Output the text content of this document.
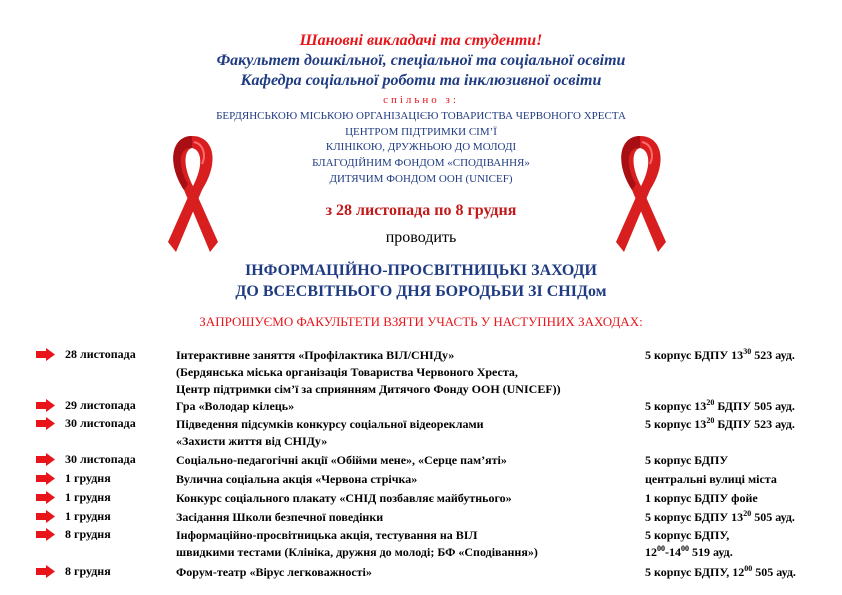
Шановні викладачі та студенти!
Факультет дошкільної, спеціальної та соціальної освіти
Кафедра соціальної роботи та інклюзивної освіти
спільно з:
БЕРДЯНСЬКОЮ МІСЬКОЮ ОРГАНІЗАЦІЄЮ ТОВАРИСТВА ЧЕРВОНОГО ХРЕСТА
ЦЕНТРОМ ПІДТРИМКИ СІМ’Ї
КЛІНІКОЮ, ДРУЖНЬОЮ ДО МОЛОДІ
БЛАГОДІЙНИМ ФОНДОМ «СПОДІВАННЯ»
ДИТЯЧИМ ФОНДОМ ООН (UNICEF)
з 28 листопада по 8 грудня
проводить
ІНФОРМАЦІЙНО-ПРОСВІТНИЦЬКІ ЗАХОДИ
ДО ВСЕСВІТНЬОГО ДНЯ БОРОДЬБИ ЗІ СНІДом
ЗАПРОШУЄМО ФАКУЛЬТЕТИ ВЗЯТИ УЧАСТЬ У НАСТУПНИХ ЗАХОДАХ:
28 листопада	Інтерактивне заняття «Профілактика ВІЛ/СНІДу»
(Бердянська міська організація Товариства Червоного Хреста,
Центр підтримки сім’ї за сприянням Дитячого Фонду ООН (UNICEF))
5 корпус БДПУ $13^{30}$ 523 ауд.
29 листопада	Гра «Володар кілець»	5 корпус $13^{20}$ БДПУ 505 ауд.
30 листопада	Підведення підсумків конкурсу соціальної відеореклами
«Захисти життя від СНІДу»
5 корпус $13^{20}$ БДПУ 523 ауд.
30 листопада	Соціально-педагогічні акції «Обійми мене», «Серце пам’яті»	5 корпус БДПУ
1 грудня	Вулична соціальна акція «Червона стрічка»	центральні вулиці міста
1 грудня	Конкурс соціального плакату «СНІД позбавляє майбутнього»	1 корпус БДПУ фойе
1 грудня	Засідання Школи безпечної поведінки	5 корпус БДПУ $13^{20}$ 505 ауд.
8 грудня	Інформаційно-просвітницька акція, тестування на ВІЛ
швидкими тестами (Клініка, дружня до молоді; БФ «Сподівання»)
5 корпус БДПУ,
$12^{00}-14^{00}$ 519 ауд.
8 грудня	Форум-театр «Вірус легковажності»	5 корпус БДПУ, $12^{00}$ 505 ауд.
